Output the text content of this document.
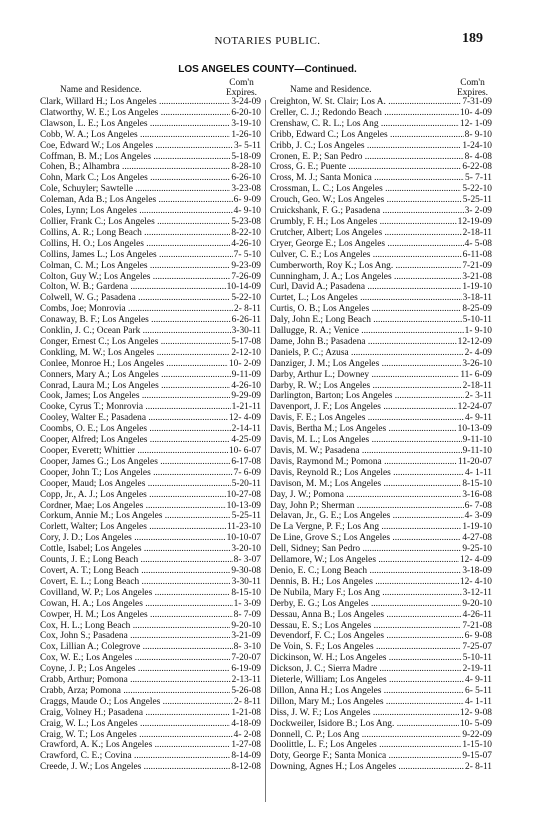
NOTARIES PUBLIC.	189
LOS ANGELES COUNTY—Continued.
Name and Residence.
Com'n
Expires.
Clark, Willard H.; Los Angeles .....	3-24-09
Clatworthy, W. E.; Los Angeles .....	6-20-10
Clawson, L. E.; Los Angeles .....	3-19-10
Cobb, W. A.; Los Angeles .....	1-26-10
Coe, Edward W.; Los Angeles .....	3- 5-11
Coffman, B. M.; Los Angeles .....	5-18-09
Cohen, B.; Alhambra .....	8-28-10
Cohn, Mark C.; Los Angeles .....	6-26-10
Cole, Schuyler; Sawtelle .....	3-23-08
Coleman, Ada B.; Los Angeles .....	6- 9-09
Coles, Lynn; Los Angeles .....	4- 9-10
Collier, Frank C.; Los Angeles .....	5-23-08
Collins, A. R.; Long Beach .....	8-22-10
Collins, H. O.; Los Angeles .....	4-26-10
Collins, James L.; Los Angeles .....	7- 5-10
Colman, C. M.; Los Angeles .....	9-23-09
Colton, Guy W.; Los Angeles .....	7-26-09
Colton, W. B.; Gardena .....	10-14-09
Colwell, W. G.; Pasadena .....	5-22-10
Combs, Joe; Monrovia .....	2- 8-11
Conaway, B. F.; Los Angeles .....	6-26-11
Conklin, J. C.; Ocean Park .....	3-30-11
Conger, Ernest C.; Los Angeles .....	5-17-08
Conkling, M. W.; Los Angeles .....	2-12-10
Conlee, Monroe H.; Los Angeles .....	10- 2-09
Conners, Mary A.; Los Angeles .....	9-11-09
Conrad, Laura M.; Los Angeles .....	4-26-10
Cook, James; Los Angeles .....	9-29-09
Cooke, Cyrus T.; Monrovia .....	1-21-11
Cooley, Walter E.; Pasadena .....	12- 4-09
Coombs, O. E.; Los Angeles .....	2-14-11
Cooper, Alfred; Los Angeles .....	4-25-09
Cooper, Everett; Whittier .....	10- 6-07
Cooper, James G.; Los Angeles .....	6-17-08
Cooper, John T.; Los Angeles .....	7- 6-09
Cooper, Maud; Los Angeles .....	5-20-11
Copp, Jr., A. J.; Los Angeles .....	10-27-08
Cordner, Mae; Los Angeles .....	10-13-09
Corkum, Annie M.; Los Angeles .....	5-25-11
Corlett, Walter; Los Angeles .....	11-23-10
Cory, J. D.; Los Angeles .....	10-10-07
Cottle, Isabel; Los Angeles .....	3-20-10
Counts, J. E.; Long Beach .....	8- 3-07
Covert, A. T.; Long Beach .....	9-30-08
Covert, E. L.; Long Beach .....	3-30-11
Covilland, W. P.; Los Angeles .....	8-15-10
Cowan, H. A.; Los Angeles .....	1- 3-09
Cowper, H. M.; Los Angeles .....	8- 7-09
Cox, H. L.; Long Beach .....	9-20-10
Cox, John S.; Pasadena .....	3-21-09
Cox, Lillian A.; Colegrove .....	8- 3-10
Cox, W. E.; Los Angeles .....	7-20-07
Coyne, J. P.; Los Angeles .....	6-19-09
Crabb, Arthur; Pomona .....	2-13-11
Crabb, Arza; Pomona .....	5-26-08
Craggs, Maude O.; Los Angeles .....	2- 8-11
Craig, Volney H.; Pasadena .....	1-21-08
Craig, W. L.; Los Angeles .....	4-18-09
Craig, W. T.; Los Angeles .....	4- 2-08
Crawford, A. K.; Los Angeles .....	1-27-08
Crawford, C. E.; Covina .....	8-14-09
Creede, J. W.; Los Angeles .....	8-12-08
Name and Residence.
Com'n
Expires.
Creighton, W. St. Clair; Los A. .....	7-31-09
Creller, C. J.; Redondo Beach .....	10- 4-09
Crenshaw, C. R. L.; Los Ang .....	12- 1-09
Cribb, Edward C.; Los Angeles .....	8- 9-10
Cribb, J. C.; Los Angeles .....	1-24-10
Cronen, E. P.; San Pedro .....	8- 4-08
Cross, G. E.; Puente .....	6-22-08
Cross, M. J.; Santa Monica .....	5- 7-11
Crossman, L. C.; Los Angeles .....	5-22-10
Crouch, Geo. W.; Los Angeles .....	5-25-11
Cruickshank, F. G.; Pasadena .....	3- 2-09
Crumbly, F. H.; Los Angeles .....	12-19-09
Crutcher, Albert; Los Angeles .....	2-18-11
Cryer, George E.; Los Angeles .....	4- 5-08
Culver, C. E.; Los Angeles .....	6-11-08
Cumberworth, Roy K.; Los Ang. .....	7-21-09
Cunningham, J. A.; Los Angeles .....	3-21-08
Curl, David A.; Pasadena .....	1-19-10
Curtet, L.; Los Angeles .....	3-18-11
Curtis, O. B.; Los Angeles .....	8-25-09
Daly, John E.; Long Beach .....	5-10-11
Dallugge, R. A.; Venice .....	1- 9-10
Dame, John B.; Pasadena .....	12-12-09
Daniels, P. C.; Azusa .....	2- 4-09
Danziger, J. M.; Los Angeles .....	3-26-10
Darby, Arthur L.; Downey .....	11- 6-09
Darby, R. W.; Los Angeles .....	2-18-11
Darlington, Barton; Los Angeles .....	2- 3-11
Davenport, J. F.; Los Angeles .....	12-24-07
Davis, F. E.; Los Angeles .....	4- 9-11
Davis, Bertha M.; Los Angeles .....	10-13-09
Davis, M. L.; Los Angeles .....	9-11-10
Davis, M. W.; Pasadena .....	9-11-10
Davis, Raymond M.; Pomona .....	11-20-07
Davis, Reynold R.; Los Angeles .....	4- 1-11
Davison, M. M.; Los Angeles .....	8-15-10
Day, J. W.; Pomona .....	3-16-08
Day, John P.; Sherman .....	6- 7-08
Delavan, Jr., G. E.; Los Angeles .....	4- 3-09
De La Vergne, P. F.; Los Ang .....	1-19-10
De Line, Grove S.; Los Angeles .....	4-27-08
Dell, Sidney; San Pedro .....	9-25-10
Dellamore, W.; Los Angeles .....	12- 4-09
Denio, E. C.; Long Beach .....	3-18-09
Dennis, B. H.; Los Angeles .....	12- 4-10
De Nubila, Mary F.; Los Ang .....	3-12-11
Derby, E. G.; Los Angeles .....	9-20-10
Dessau, Anna B.; Los Angeles .....	4-26-11
Dessau, E. S.; Los Angeles .....	7-21-08
Devendorf, F. C.; Los Angeles .....	6- 9-08
De Voin, S. F.; Los Angeles .....	7-25-07
Dickinson, W. H.; Los Angeles .....	5-10-11
Dickson, J. C.; Sierra Madre .....	2-19-11
Dieterle, William; Los Angeles .....	4- 9-11
Dillon, Anna H.; Los Angeles .....	6- 5-11
Dillon, Mary M.; Los Angeles .....	4- 1-11
Diss, J. W. F.; Los Angeles .....	12- 9-08
Dockweiler, Isidore B.; Los Ang. .....	10- 5-09
Donnell, C. P.; Los Ang .....	9-22-09
Doolittle, L. F.; Los Angeles .....	1-15-10
Doty, George F.; Santa Monica .....	9-15-07
Downing, Agnes H.; Los Angeles .....	2- 8-11
